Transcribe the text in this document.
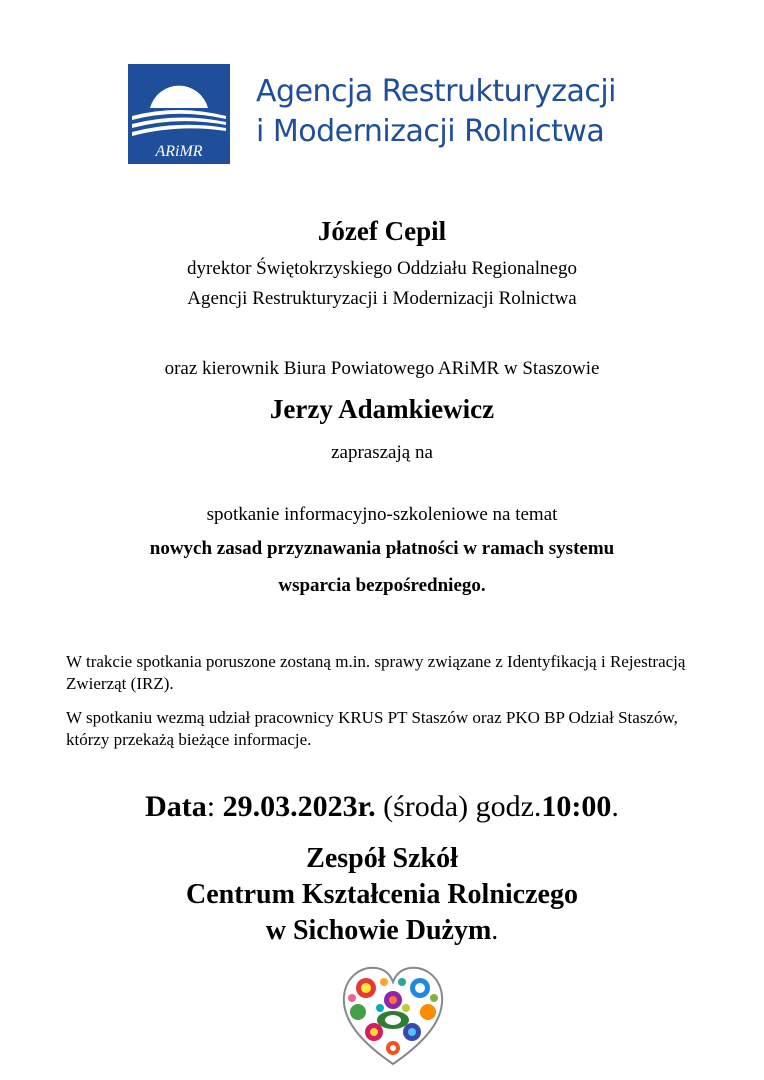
ARiMR
Agencja Restrukturyzacji
i Modernizacji Rolnictwa
Józef Cepil
dyrektor Świętokrzyskiego Oddziału Regionalnego
Agencji Restrukturyzacji i Modernizacji Rolnictwa
oraz kierownik Biura Powiatowego ARiMR w Staszowie
Jerzy Adamkiewicz
zapraszają na
spotkanie informacyjno-szkoleniowe na temat
nowych zasad przyznawania płatności w ramach systemu
wsparcia bezpośredniego.
W trakcie spotkania poruszone zostaną m.in. sprawy związane z Identyfikacją i Rejestracją Zwierząt (IRZ).
W spotkaniu wezmą udział pracownicy KRUS PT Staszów oraz PKO BP Odział Staszów, którzy przekażą bieżące informacje.
Data: 29.03.2023r. (środa) godz.10:00.
Zespół Szkół
Centrum Kształcenia Rolniczego
w Sichowie Dużym.
